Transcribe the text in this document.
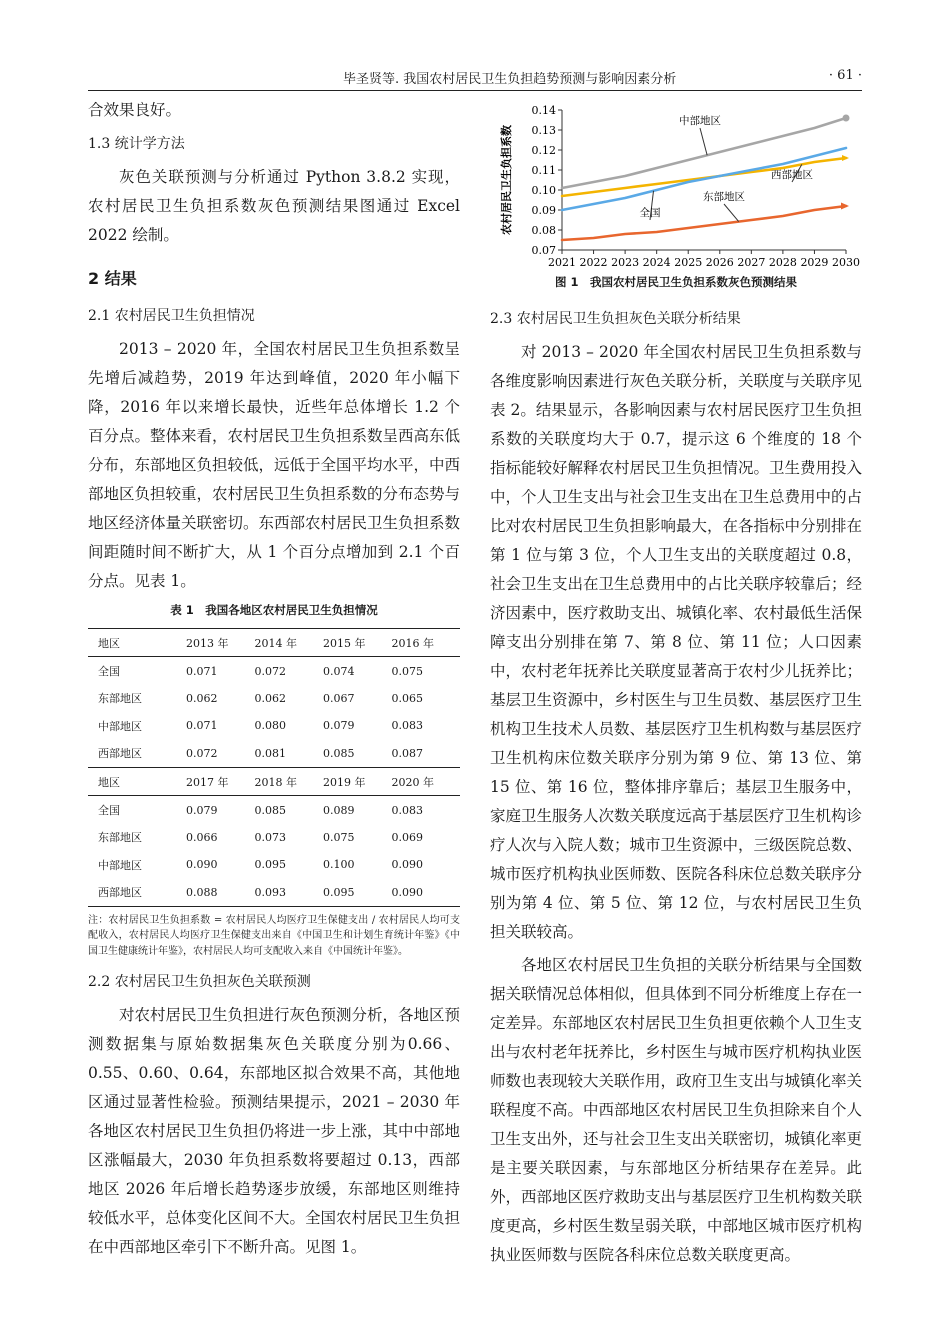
毕圣贤等. 我国农村居民卫生负担趋势预测与影响因素分析	· 61 ·

合效果良好。

1.3 统计学方法

灰色关联预测与分析通过 Python 3.8.2 实现，农村居民卫生负担系数灰色预测结果图通过 Excel 2022 绘制。

2 结果

2.1 农村居民卫生负担情况

2013 – 2020 年，全国农村居民卫生负担系数呈先增后减趋势，2019 年达到峰值，2020 年小幅下降，2016 年以来增长最快，近些年总体增长 1.2 个百分点。整体来看，农村居民卫生负担系数呈西高东低分布，东部地区负担较低，远低于全国平均水平，中西部地区负担较重，农村居民卫生负担系数的分布态势与地区经济体量关联密切。东西部农村居民卫生负担系数间距随时间不断扩大，从 1 个百分点增加到 2.1 个百分点。见表 1。

表 1　我国各地区农村居民卫生负担情况
地区	2013 年	2014 年	2015 年	2016 年
全国	0.071	0.072	0.074	0.075
东部地区	0.062	0.062	0.067	0.065
中部地区	0.071	0.080	0.079	0.083
西部地区	0.072	0.081	0.085	0.087
地区	2017 年	2018 年	2019 年	2020 年
全国	0.079	0.085	0.089	0.083
东部地区	0.066	0.073	0.075	0.069
中部地区	0.090	0.095	0.100	0.090
西部地区	0.088	0.093	0.095	0.090
注：农村居民卫生负担系数 = 农村居民人均医疗卫生保健支出 / 农村居民人均可支配收入，农村居民人均医疗卫生保健支出来自《中国卫生和计划生育统计年鉴》《中国卫生健康统计年鉴》，农村居民人均可支配收入来自《中国统计年鉴》。

2.2 农村居民卫生负担灰色关联预测

对农村居民卫生负担进行灰色预测分析，各地区预测数据集与原始数据集灰色关联度分别为0.66、0.55、0.60、0.64，东部地区拟合效果不高，其他地区通过显著性检验。预测结果提示，2021 – 2030 年各地区农村居民卫生负担仍将进一步上涨，其中中部地区涨幅最大，2030 年负担系数将要超过 0.13，西部地区 2026 年后增长趋势逐步放缓，东部地区则维持较低水平，总体变化区间不大。全国农村居民卫生负担在中西部地区牵引下不断升高。见图 1。

0.07
0.08
0.09
0.10
0.11
0.12
0.13
0.14
2021 2022 2023 2024 2025 2026 2027 2028 2029 2030
农村居民卫生负担系数
中部地区
西部地区
全国
东部地区
图 1　我国农村居民卫生负担系数灰色预测结果

2.3 农村居民卫生负担灰色关联分析结果

对 2013 – 2020 年全国农村居民卫生负担系数与各维度影响因素进行灰色关联分析，关联度与关联序见表 2。结果显示，各影响因素与农村居民医疗卫生负担系数的关联度均大于 0.7，提示这 6 个维度的 18 个指标能较好解释农村居民卫生负担情况。卫生费用投入中，个人卫生支出与社会卫生支出在卫生总费用中的占比对农村居民卫生负担影响最大，在各指标中分别排在第 1 位与第 3 位，个人卫生支出的关联度超过 0.8，社会卫生支出在卫生总费用中的占比关联序较靠后；经济因素中，医疗救助支出、城镇化率、农村最低生活保障支出分别排在第 7、第 8 位、第 11 位；人口因素中，农村老年抚养比关联度显著高于农村少儿抚养比；基层卫生资源中，乡村医生与卫生员数、基层医疗卫生机构卫生技术人员数、基层医疗卫生机构数与基层医疗卫生机构床位数关联序分别为第 9 位、第 13 位、第 15 位、第 16 位，整体排序靠后；基层卫生服务中，家庭卫生服务人次数关联度远高于基层医疗卫生机构诊疗人次与入院人数；城市卫生资源中，三级医院总数、城市医疗机构执业医师数、医院各科床位总数关联序分别为第 4 位、第 5 位、第 12 位，与农村居民卫生负担关联较高。

各地区农村居民卫生负担的关联分析结果与全国数据关联情况总体相似，但具体到不同分析维度上存在一定差异。东部地区农村居民卫生负担更依赖个人卫生支出与农村老年抚养比，乡村医生与城市医疗机构执业医师数也表现较大关联作用，政府卫生支出与城镇化率关联程度不高。中西部地区农村居民卫生负担除来自个人卫生支出外，还与社会卫生支出关联密切，城镇化率更是主要关联因素，与东部地区分析结果存在差异。此外，西部地区医疗救助支出与基层医疗卫生机构数关联度更高，乡村医生数呈弱关联，中部地区城市医疗机构执业医师数与医院各科床位总数关联度更高。
